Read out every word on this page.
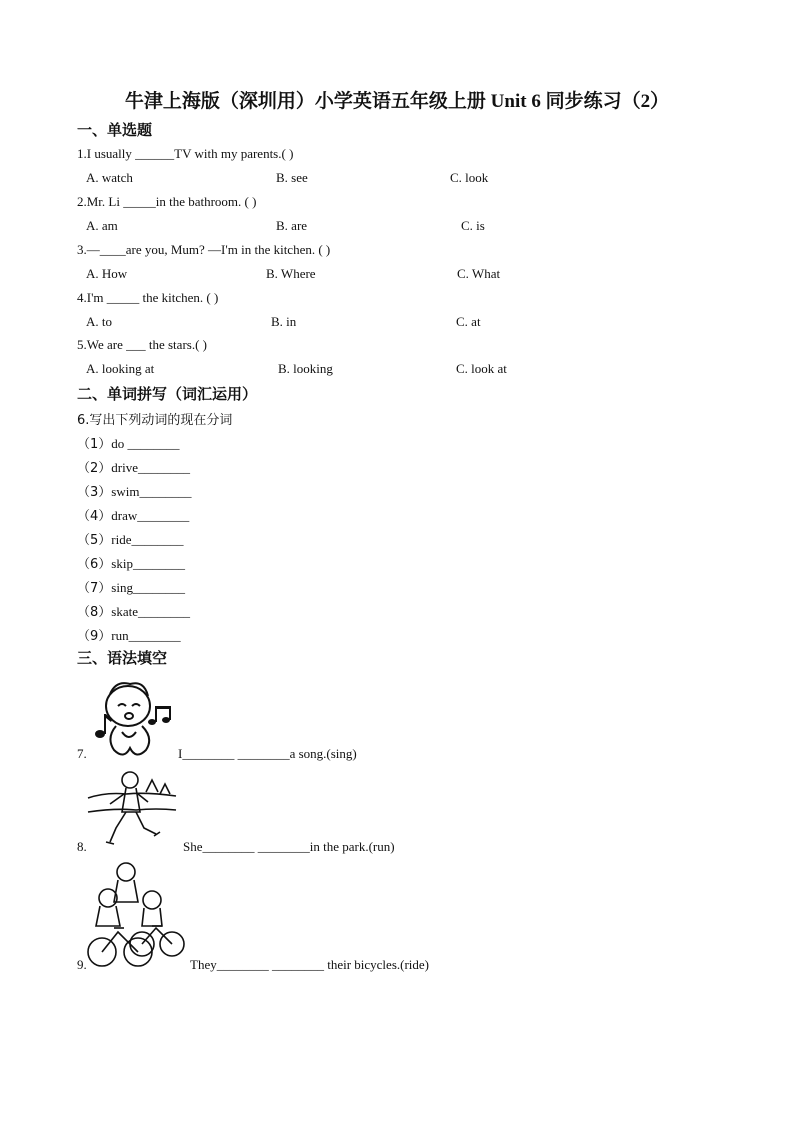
牛津上海版（深圳用）小学英语五年级上册 Unit 6 同步练习（2）
一、单选题
1.I usually ______TV with my parents.( )
A. watch	B. see	C. look
2.Mr. Li _____in the bathroom. ( )
A. am	B. are	C. is
3.—____are you, Mum? —I'm in the kitchen. ( )
A. How	B. Where	C. What
4.I'm _____ the kitchen. ( )
A. to	B. in	C. at
5.We are ___ the stars.( )
A. looking at	B. looking	C. look at
二、单词拼写（词汇运用）
6.写出下列动词的现在分词
（1）do ________
（2）drive________
（3）swim________
（4）draw________
（5）ride________
（6）skip________
（7）sing________
（8）skate________
（9）run________
三、语法填空
7.	I________ ________a song.(sing)
8.	She________ ________in the park.(run)
9.	They________ ________ their bicycles.(ride)
